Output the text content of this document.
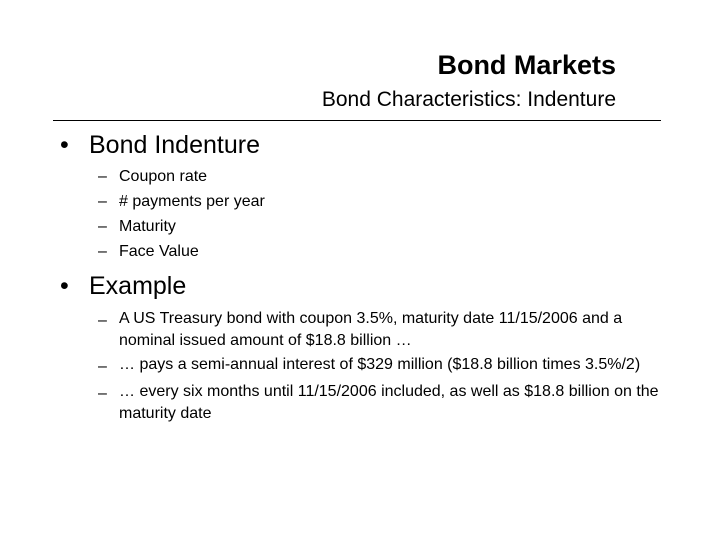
Bond Markets
Bond Characteristics: Indenture
• Bond Indenture
– Coupon rate
– # payments per year
– Maturity
– Face Value
• Example
– A US Treasury bond with coupon 3.5%, maturity date 11/15/2006 and a nominal issued amount of $18.8 billion …
– … pays a semi-annual interest of $329 million ($18.8 billion times 3.5%/2)
– … every six months until 11/15/2006 included, as well as $18.8 billion on the maturity date
